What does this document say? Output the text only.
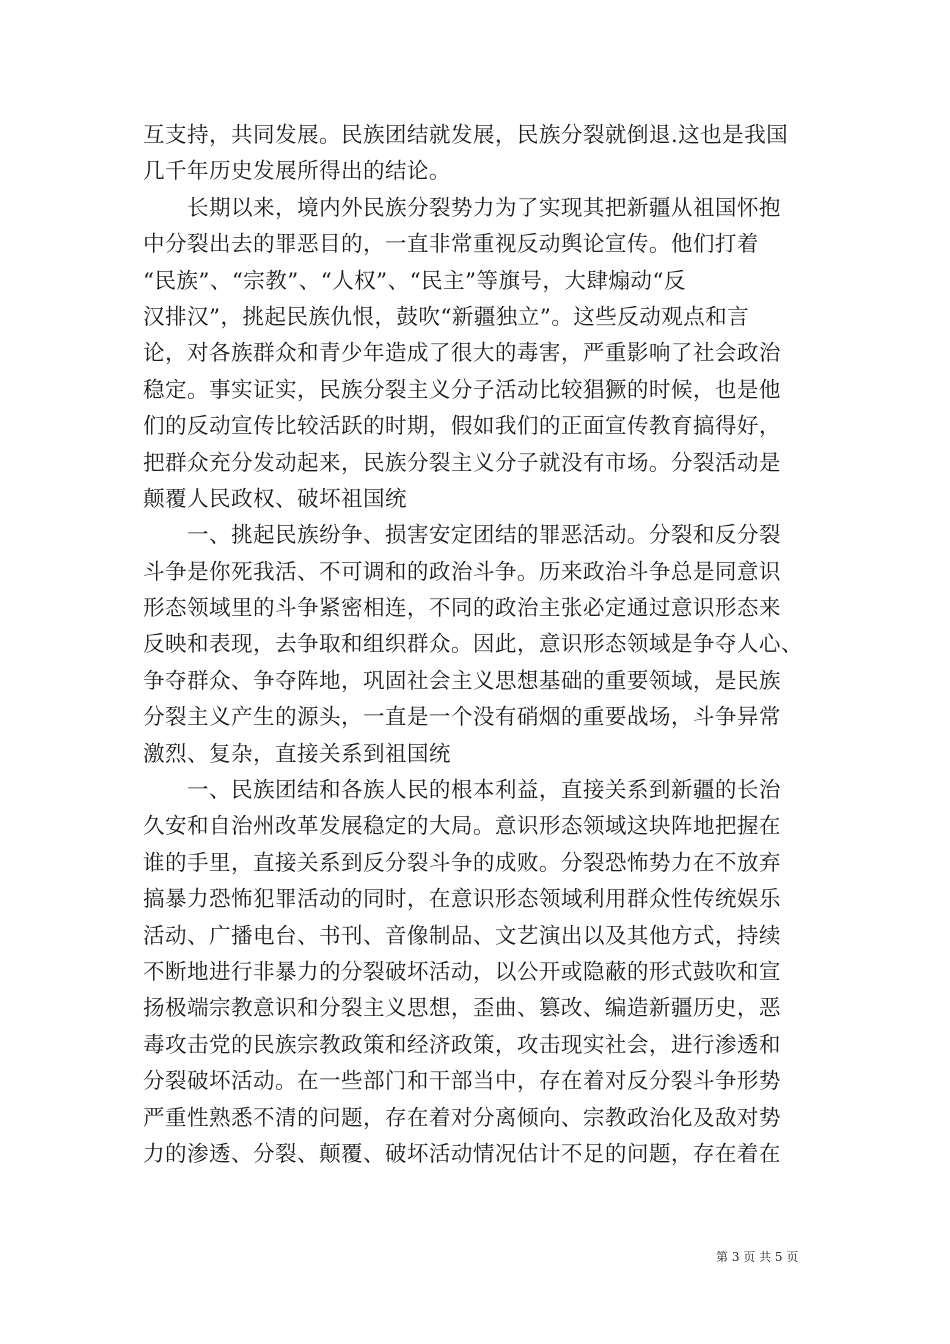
互支持，共同发展。民族团结就发展，民族分裂就倒退.这也是我国
几千年历史发展所得出的结论。
长期以来，境内外民族分裂势力为了实现其把新疆从祖国怀抱
中分裂出去的罪恶目的，一直非常重视反动舆论宣传。他们打着
“民族”、“宗教”、“人权”、“民主”等旗号，大肆煽动“反
汉排汉”，挑起民族仇恨，鼓吹“新疆独立”。这些反动观点和言
论，对各族群众和青少年造成了很大的毒害，严重影响了社会政治
稳定。事实证实，民族分裂主义分子活动比较猖獗的时候，也是他
们的反动宣传比较活跃的时期，假如我们的正面宣传教育搞得好，
把群众充分发动起来，民族分裂主义分子就没有市场。分裂活动是
颠覆人民政权、破坏祖国统
一、挑起民族纷争、损害安定团结的罪恶活动。分裂和反分裂
斗争是你死我活、不可调和的政治斗争。历来政治斗争总是同意识
形态领域里的斗争紧密相连，不同的政治主张必定通过意识形态来
反映和表现，去争取和组织群众。因此，意识形态领域是争夺人心、
争夺群众、争夺阵地，巩固社会主义思想基础的重要领域，是民族
分裂主义产生的源头，一直是一个没有硝烟的重要战场，斗争异常
激烈、复杂，直接关系到祖国统
一、民族团结和各族人民的根本利益，直接关系到新疆的长治
久安和自治州改革发展稳定的大局。意识形态领域这块阵地把握在
谁的手里，直接关系到反分裂斗争的成败。分裂恐怖势力在不放弃
搞暴力恐怖犯罪活动的同时，在意识形态领域利用群众性传统娱乐
活动、广播电台、书刊、音像制品、文艺演出以及其他方式，持续
不断地进行非暴力的分裂破坏活动，以公开或隐蔽的形式鼓吹和宣
扬极端宗教意识和分裂主义思想，歪曲、篡改、编造新疆历史，恶
毒攻击党的民族宗教政策和经济政策，攻击现实社会，进行渗透和
分裂破坏活动。在一些部门和干部当中，存在着对反分裂斗争形势
严重性熟悉不清的问题，存在着对分离倾向、宗教政治化及敌对势
力的渗透、分裂、颠覆、破坏活动情况估计不足的问题，存在着在
第 3 页 共 5 页
